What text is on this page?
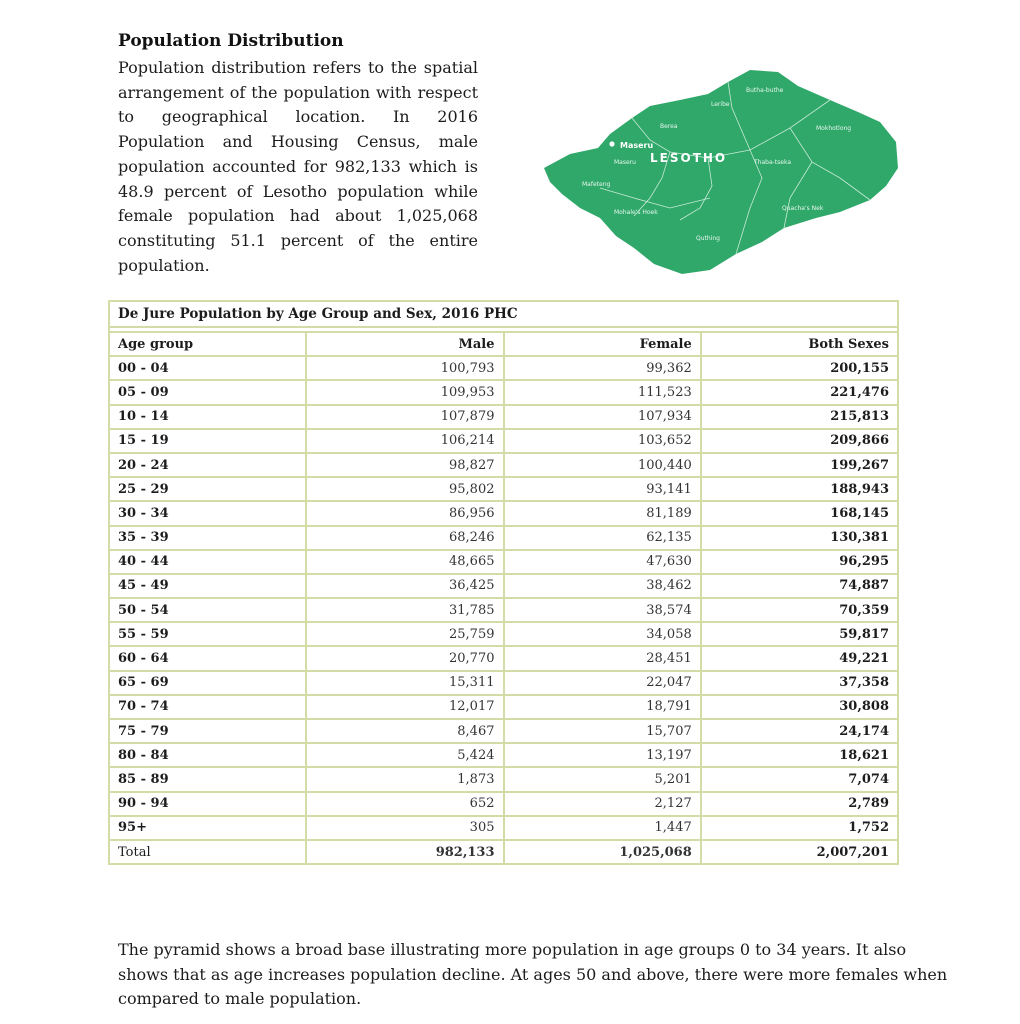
Population Distribution

Population distribution refers to the spatial arrangement of the population with respect to geographical location. In 2016 Population and Housing Census, male population accounted for 982,133 which is 48.9 percent of Lesotho population while female population had about 1,025,068 constituting 51.1 percent of the entire population.

Butha-buthe
Leribe
Berea	Mokhotlong
Maseru	Thaba-tseka
Mafeteng
Mohale's Hoek
Quacha's Nek
Quthing
Maseru
LESOTHO
De Jure Population by Age Group and Sex, 2016 PHC			

Age group	Male	Female	Both Sexes
00 - 04	100,793	99,362	200,155
05 - 09	109,953	111,523	221,476
10 - 14	107,879	107,934	215,813
15 - 19	106,214	103,652	209,866
20 - 24	98,827	100,440	199,267
25 - 29	95,802	93,141	188,943
30 - 34	86,956	81,189	168,145
35 - 39	68,246	62,135	130,381
40 - 44	48,665	47,630	96,295
45 - 49	36,425	38,462	74,887
50 - 54	31,785	38,574	70,359
55 - 59	25,759	34,058	59,817
60 - 64	20,770	28,451	49,221
65 - 69	15,311	22,047	37,358
70 - 74	12,017	18,791	30,808
75 - 79	8,467	15,707	24,174
80 - 84	5,424	13,197	18,621
85 - 89	1,873	5,201	7,074
90 - 94	652	2,127	2,789
95+	305	1,447	1,752
Total	982,133	1,025,068	2,007,201

The pyramid shows a broad base illustrating more population in age groups 0 to 34 years. It also shows that as age increases population decline. At ages 50 and above, there were more females when compared to male population.
